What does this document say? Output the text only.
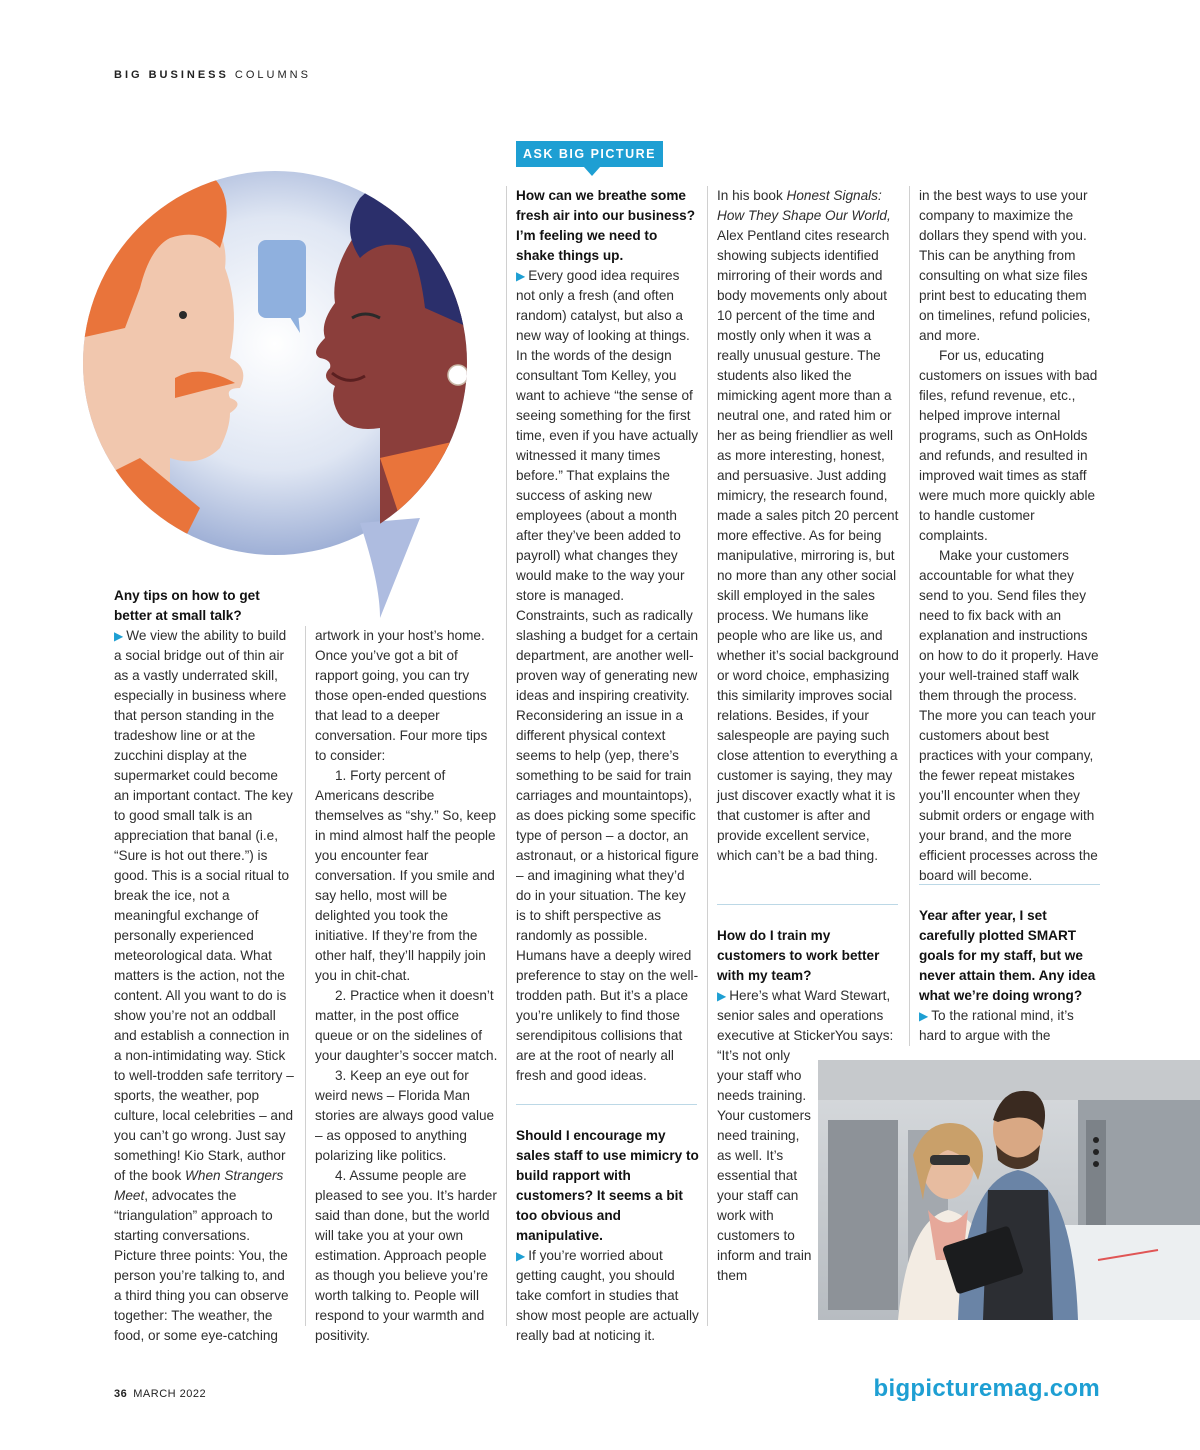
BIG BUSINESS COLUMNS
ASK BIG PICTURE

Any tips on how to get better at small talk?

▶ We view the ability to build a social bridge out of thin air as a vastly underrated skill, especially in business where that person standing in the tradeshow line or at the zucchini display at the supermarket could become an important contact. The key to good small talk is an appreciation that banal (i.e, “Sure is hot out there.”) is good. This is a social ritual to break the ice, not a meaningful exchange of personally experienced meteorological data. What matters is the action, not the content. All you want to do is show you’re not an oddball and establish a connection in a non-intimidating way. Stick to well-trodden safe territory – sports, the weather, pop culture, local celebrities – and you can’t go wrong. Just say something! Kio Stark, author of the book When Strangers Meet, advocates the “triangulation” approach to starting conversations. Picture three points: You, the person you’re talking to, and a third thing you can observe together: The weather, the food, or some eye-catching

artwork in your host’s home. Once you’ve got a bit of rapport going, you can try those open-ended questions that lead to a deeper conversation. Four more tips to consider:

1. Forty percent of Americans describe themselves as “shy.” So, keep in mind almost half the people you encounter fear conversation. If you smile and say hello, most will be delighted you took the initiative. If they’re from the other half, they’ll happily join you in chit-chat.

2. Practice when it doesn’t matter, in the post office queue or on the sidelines of your daughter’s soccer match.

3. Keep an eye out for weird news – Florida Man stories are always good value – as opposed to anything polarizing like politics.

4. Assume people are pleased to see you. It’s harder said than done, but the world will take you at your own estimation. Approach people as though you believe you’re worth talking to. People will respond to your warmth and positivity.

How can we breathe some fresh air into our business? I’m feeling we need to shake things up.

▶ Every good idea requires not only a fresh (and often random) catalyst, but also a new way of looking at things. In the words of the design consultant Tom Kelley, you want to achieve “the sense of seeing something for the first time, even if you have actually witnessed it many times before.” That explains the success of asking new employees (about a month after they’ve been added to payroll) what changes they would make to the way your store is managed. Constraints, such as radically slashing a budget for a certain department, are another well-proven way of generating new ideas and inspiring creativity. Reconsidering an issue in a different physical context seems to help (yep, there’s something to be said for train carriages and mountaintops), as does picking some specific type of person – a doctor, an astronaut, or a historical figure – and imagining what they’d do in your situation. The key is to shift perspective as randomly as possible. Humans have a deeply wired preference to stay on the well-trodden path. But it’s a place you’re unlikely to find those serendipitous collisions that are at the root of nearly all fresh and good ideas.

Should I encourage my sales staff to use mimicry to build rapport with customers? It seems a bit too obvious and manipulative.

▶ If you’re worried about getting caught, you should take comfort in studies that show most people are actually really bad at noticing it.

In his book Honest Signals: How They Shape Our World, Alex Pentland cites research showing subjects identified mirroring of their words and body movements only about 10 percent of the time and mostly only when it was a really unusual gesture. The students also liked the mimicking agent more than a neutral one, and rated him or her as being friendlier as well as more interesting, honest, and persuasive. Just adding mimicry, the research found, made a sales pitch 20 percent more effective. As for being manipulative, mirroring is, but no more than any other social skill employed in the sales process. We humans like people who are like us, and whether it’s social background or word choice, emphasizing this similarity improves social relations. Besides, if your salespeople are paying such close attention to everything a customer is saying, they may just discover exactly what it is that customer is after and provide excellent service, which can’t be a bad thing.

How do I train my customers to work better with my team?

▶ Here’s what Ward Stewart, senior sales and operations executive at StickerYou says:

“It’s not only your staff who needs training. Your customers need training, as well. It’s essential that your staff can work with customers to inform and train them

in the best ways to use your company to maximize the dollars they spend with you. This can be anything from consulting on what size files print best to educating them on timelines, refund policies, and more.

For us, educating customers on issues with bad files, refund revenue, etc., helped improve internal programs, such as OnHolds and refunds, and resulted in improved wait times as staff were much more quickly able to handle customer complaints.

Make your customers accountable for what they send to you. Send files they need to fix back with an explanation and instructions on how to do it properly. Have your well-trained staff walk them through the process. The more you can teach your customers about best practices with your company, the fewer repeat mistakes you’ll encounter when they submit orders or engage with your brand, and the more efficient processes across the board will become.

Year after year, I set carefully plotted SMART goals for my staff, but we never attain them. Any idea what we’re doing wrong?

▶ To the rational mind, it’s hard to argue with the

36 MARCH 2022	bigpicturemag.com
